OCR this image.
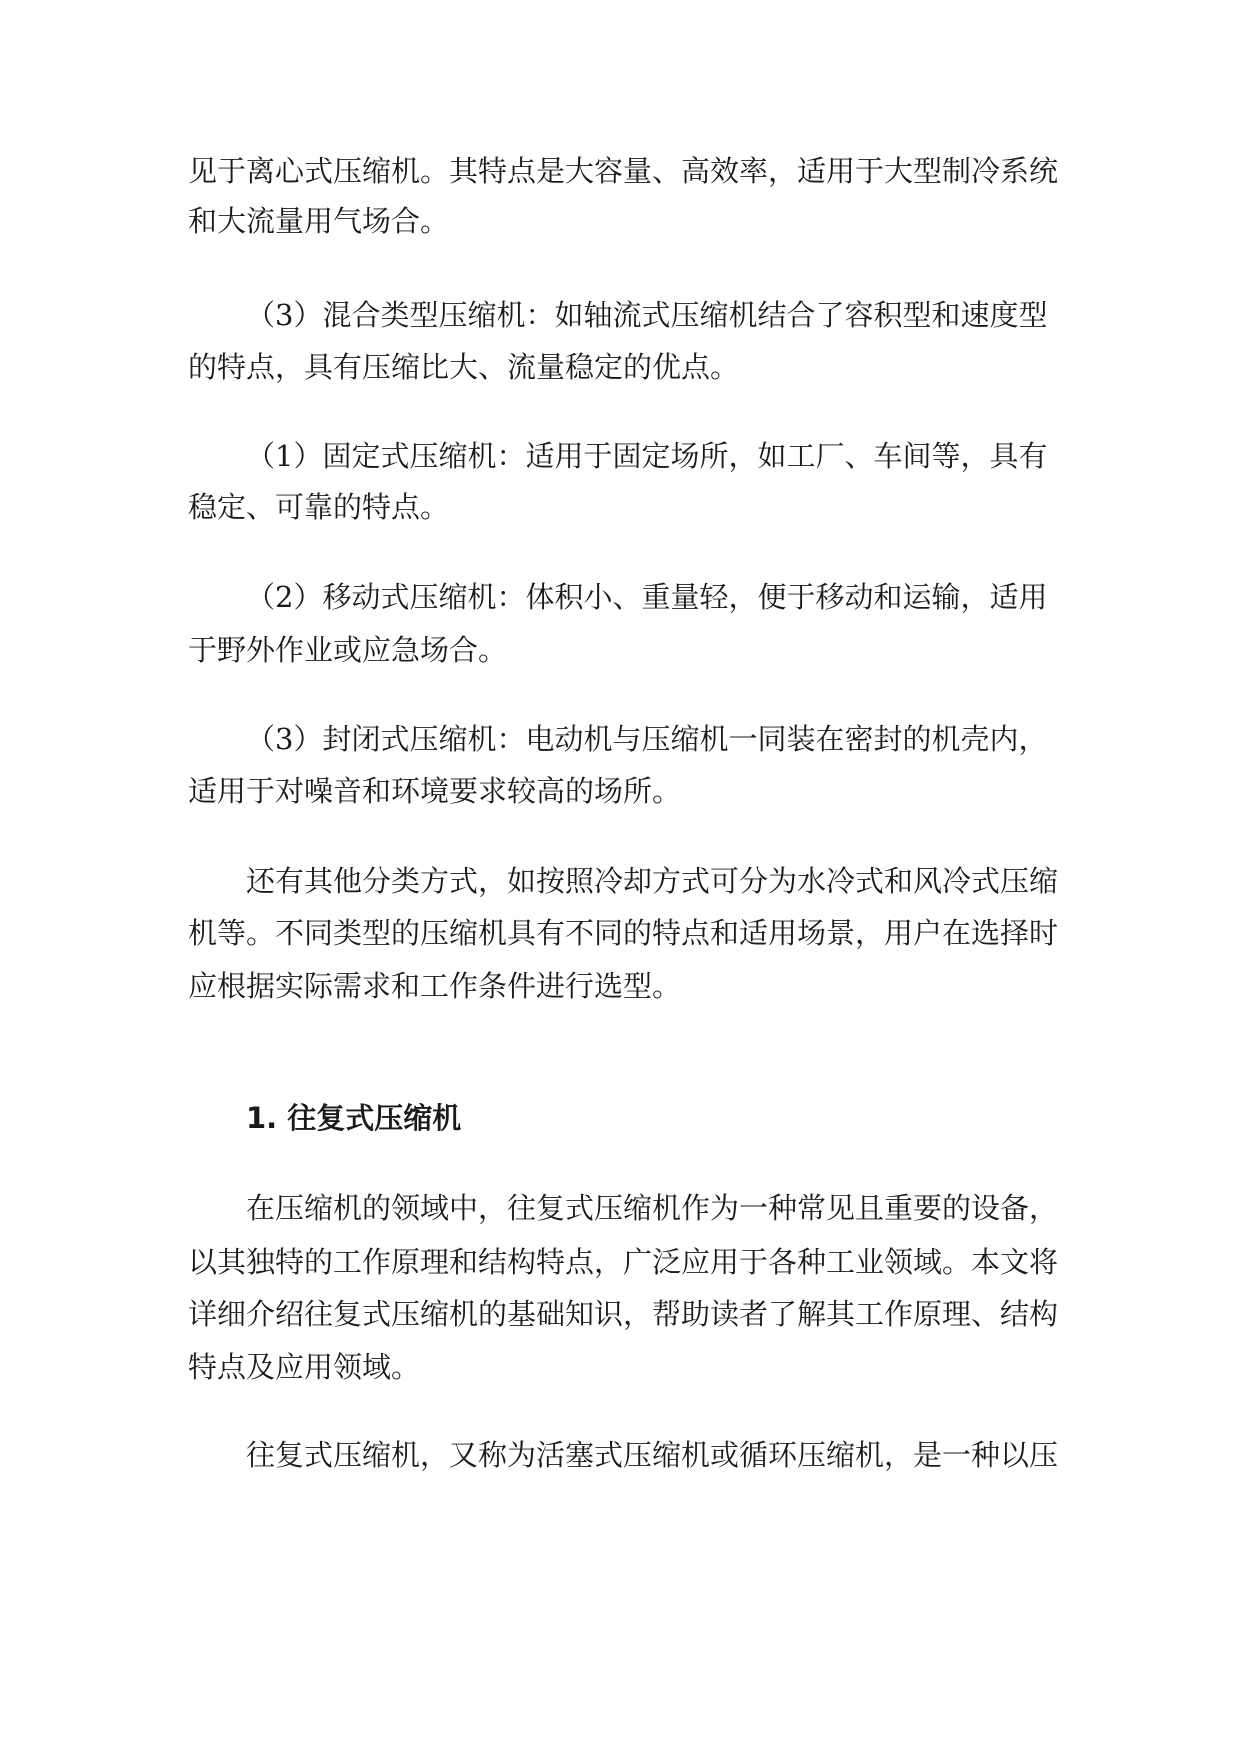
见于离心式压缩机。其特点是大容量、高效率，适用于大型制冷系统
和大流量用气场合。
（3）混合类型压缩机：如轴流式压缩机结合了容积型和速度型
的特点，具有压缩比大、流量稳定的优点。
（1）固定式压缩机：适用于固定场所，如工厂、车间等，具有
稳定、可靠的特点。
（2）移动式压缩机：体积小、重量轻，便于移动和运输，适用
于野外作业或应急场合。
（3）封闭式压缩机：电动机与压缩机一同装在密封的机壳内，
适用于对噪音和环境要求较高的场所。
还有其他分类方式，如按照冷却方式可分为水冷式和风冷式压缩
机等。不同类型的压缩机具有不同的特点和适用场景，用户在选择时
应根据实际需求和工作条件进行选型。
1. 往复式压缩机
在压缩机的领域中，往复式压缩机作为一种常见且重要的设备，
以其独特的工作原理和结构特点，广泛应用于各种工业领域。本文将
详细介绍往复式压缩机的基础知识，帮助读者了解其工作原理、结构
特点及应用领域。
往复式压缩机，又称为活塞式压缩机或循环压缩机，是一种以压
